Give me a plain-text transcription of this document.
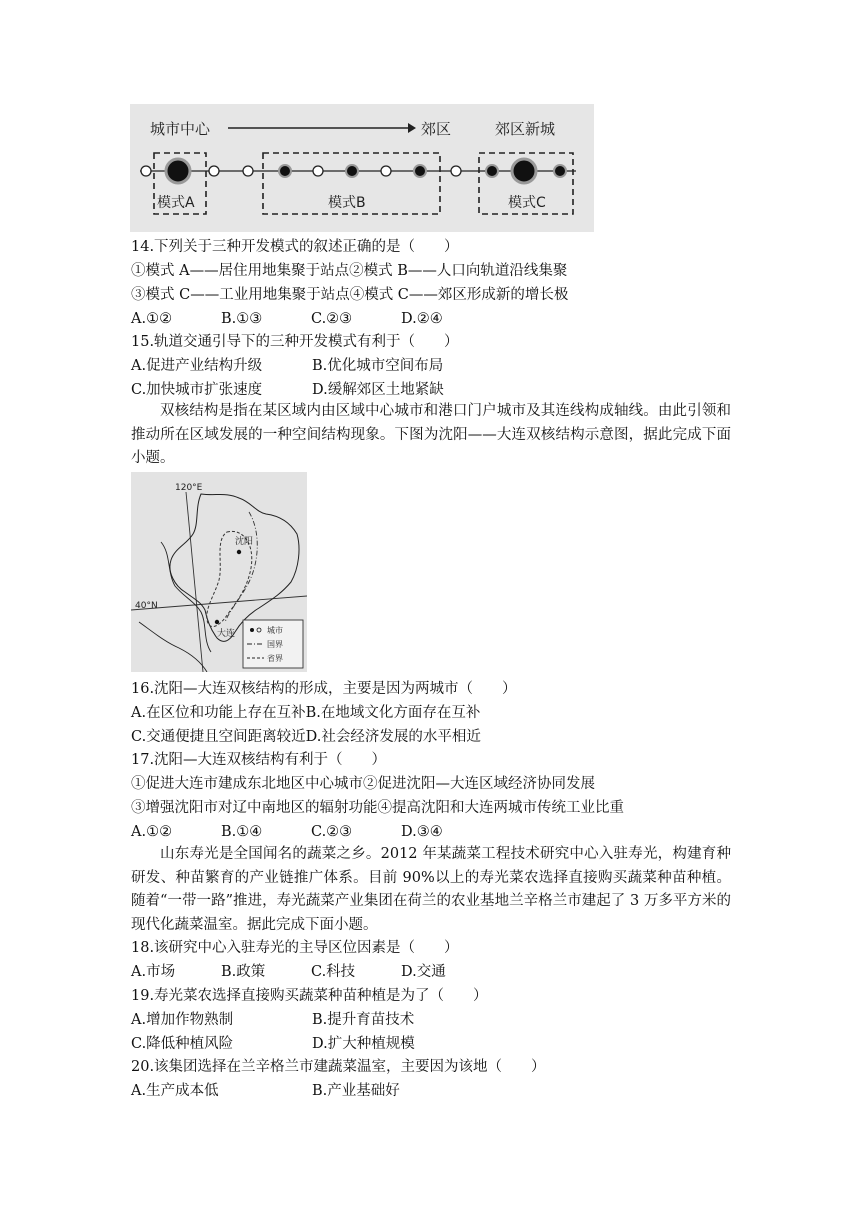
城市中心	郊区	郊区新城
模式A	模式B	模式C
14.下列关于三种开发模式的叙述正确的是（　　）
①模式 A——居住用地集聚于站点②模式 B——人口向轨道沿线集聚
③模式 C——工业用地集聚于站点④模式 C——郊区形成新的增长极
A.①②	B.①③	C.②③	D.②④
15.轨道交通引导下的三种开发模式有利于（　　）
A.促进产业结构升级	B.优化城市空间布局
C.加快城市扩张速度	D.缓解郊区土地紧缺
双核结构是指在某区域内由区域中心城市和港口门户城市及其连线构成轴线。由此引领和推动所在区域发展的一种空间结构现象。下图为沈阳——大连双核结构示意图，据此完成下面小题。
120°E
40°N
沈阳
大连	城市
国界
省界
16.沈阳—大连双核结构的形成，主要是因为两城市（　　）
A.在区位和功能上存在互补B.在地域文化方面存在互补
C.交通便捷且空间距离较近D.社会经济发展的水平相近
17.沈阳—大连双核结构有利于（　　）
①促进大连市建成东北地区中心城市②促进沈阳—大连区域经济协同发展
③增强沈阳市对辽中南地区的辐射功能④提高沈阳和大连两城市传统工业比重
A.①②	B.①④	C.②③	D.③④
山东寿光是全国闻名的蔬菜之乡。2012 年某蔬菜工程技术研究中心入驻寿光，构建育种研发、种苗繁育的产业链推广体系。目前 90%以上的寿光菜农选择直接购买蔬菜种苗种植。随着“一带一路”推进，寿光蔬菜产业集团在荷兰的农业基地兰辛格兰市建起了 3 万多平方米的现代化蔬菜温室。据此完成下面小题。
18.该研究中心入驻寿光的主导区位因素是（　　）
A.市场	B.政策	C.科技	D.交通
19.寿光菜农选择直接购买蔬菜种苗种植是为了（　　）
A.增加作物熟制	B.提升育苗技术
C.降低种植风险	D.扩大种植规模
20.该集团选择在兰辛格兰市建蔬菜温室，主要因为该地（　　）
A.生产成本低	B.产业基础好
